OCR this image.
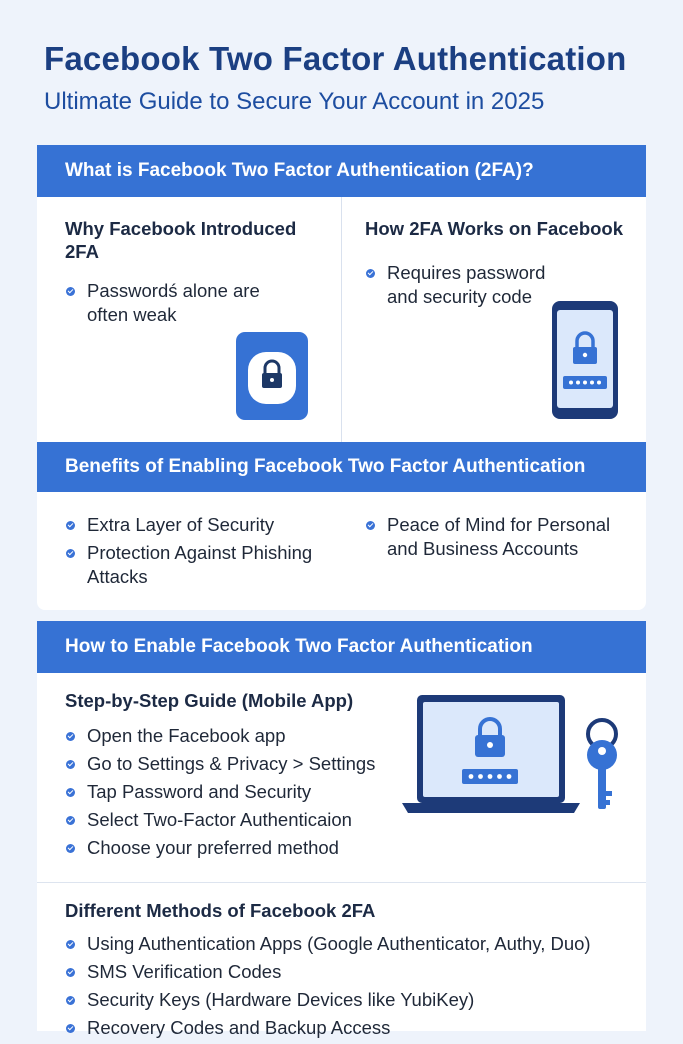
Facebook Two Factor Authentication
Ultimate Guide to Secure Your Account in 2025
What is Facebook Two Factor Authentication (2FA)?
Why Facebook Introduced 2FA
Passwordś alone are often weak
How 2FA Works on Facebook
Requires password and security code
Benefits of Enabling Facebook Two Factor Authentication
Extra Layer of Security
Protection Against Phishing Attacks
Peace of Mind for Personal and Business Accounts
How to Enable Facebook Two Factor Authentication
Step-by-Step Guide (Mobile App)
Open the Facebook app
Go to Settings & Privacy > Settings
Tap Password and Security
Select Two-Factor Authenticaion
Choose your preferred method
Different Methods of Facebook 2FA
Using Authentication Apps (Google Authenticator, Authy, Duo)
SMS Verification Codes
Security Keys (Hardware Devices like YubiKey)
Recovery Codes and Backup Access
